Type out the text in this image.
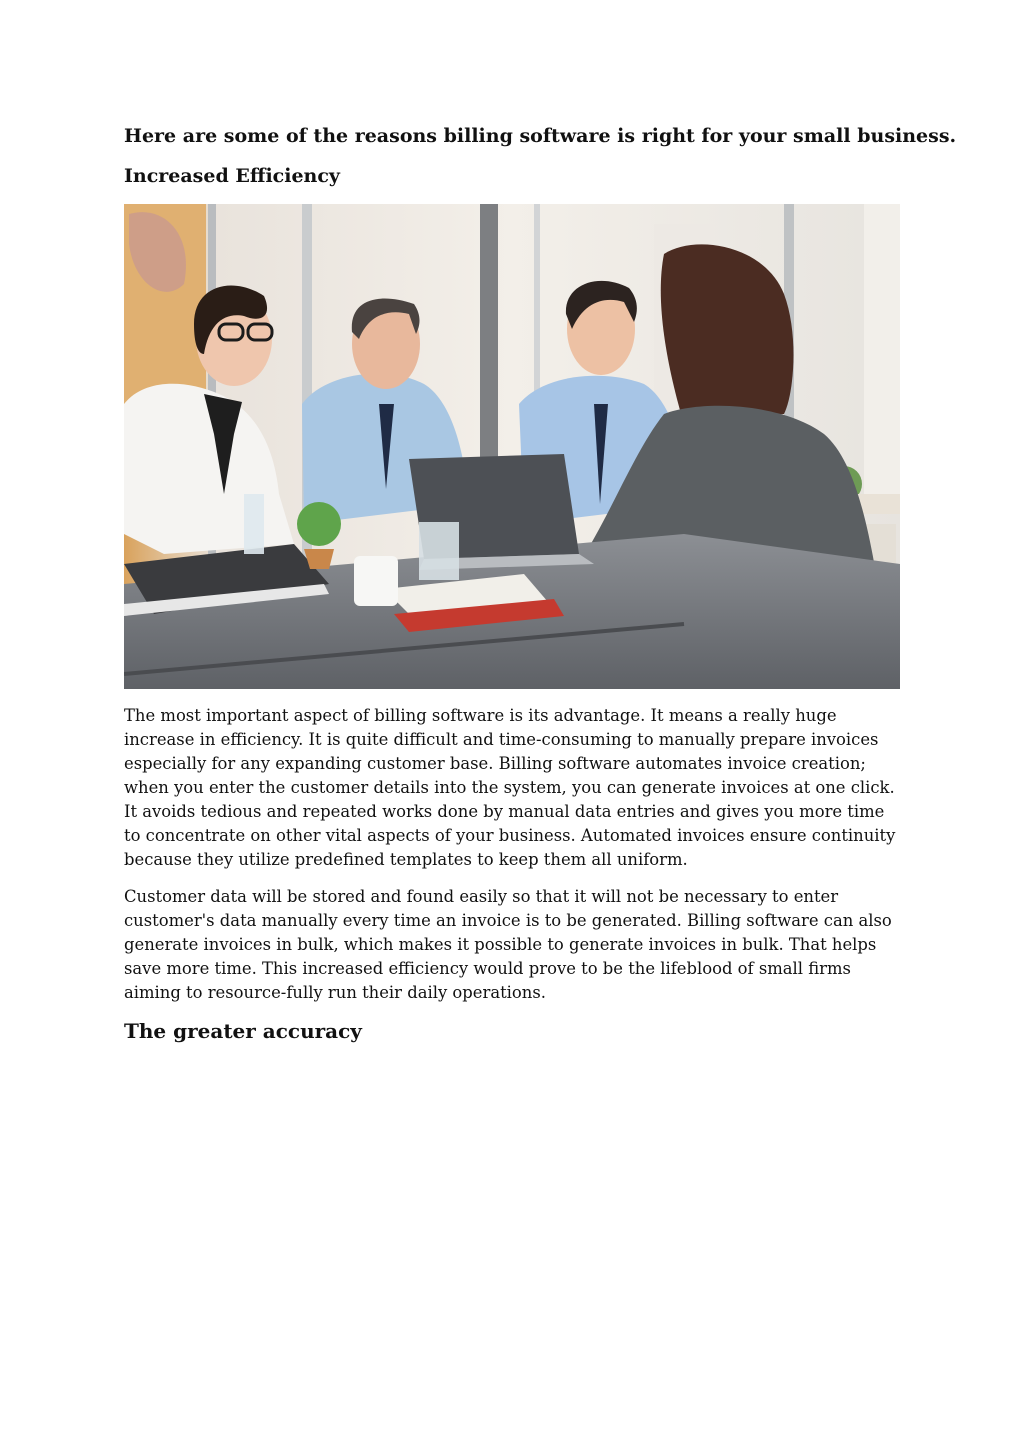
Here are some of the reasons billing software is right for your small business.
Increased Efficiency

The most important aspect of billing software is its advantage. It means a really huge increase in efficiency. It is quite difficult and time-consuming to manually prepare invoices especially for any expanding customer base. Billing software automates invoice creation; when you enter the customer details into the system, you can generate invoices at one click. It avoids tedious and repeated works done by manual data entries and gives you more time to concentrate on other vital aspects of your business. Automated invoices ensure continuity because they utilize predefined templates to keep them all uniform.

Customer data will be stored and found easily so that it will not be necessary to enter customer's data manually every time an invoice is to be generated. Billing software can also generate invoices in bulk, which makes it possible to generate invoices in bulk. That helps save more time. This increased efficiency would prove to be the lifeblood of small firms aiming to resource-fully run their daily operations.

The greater accuracy
